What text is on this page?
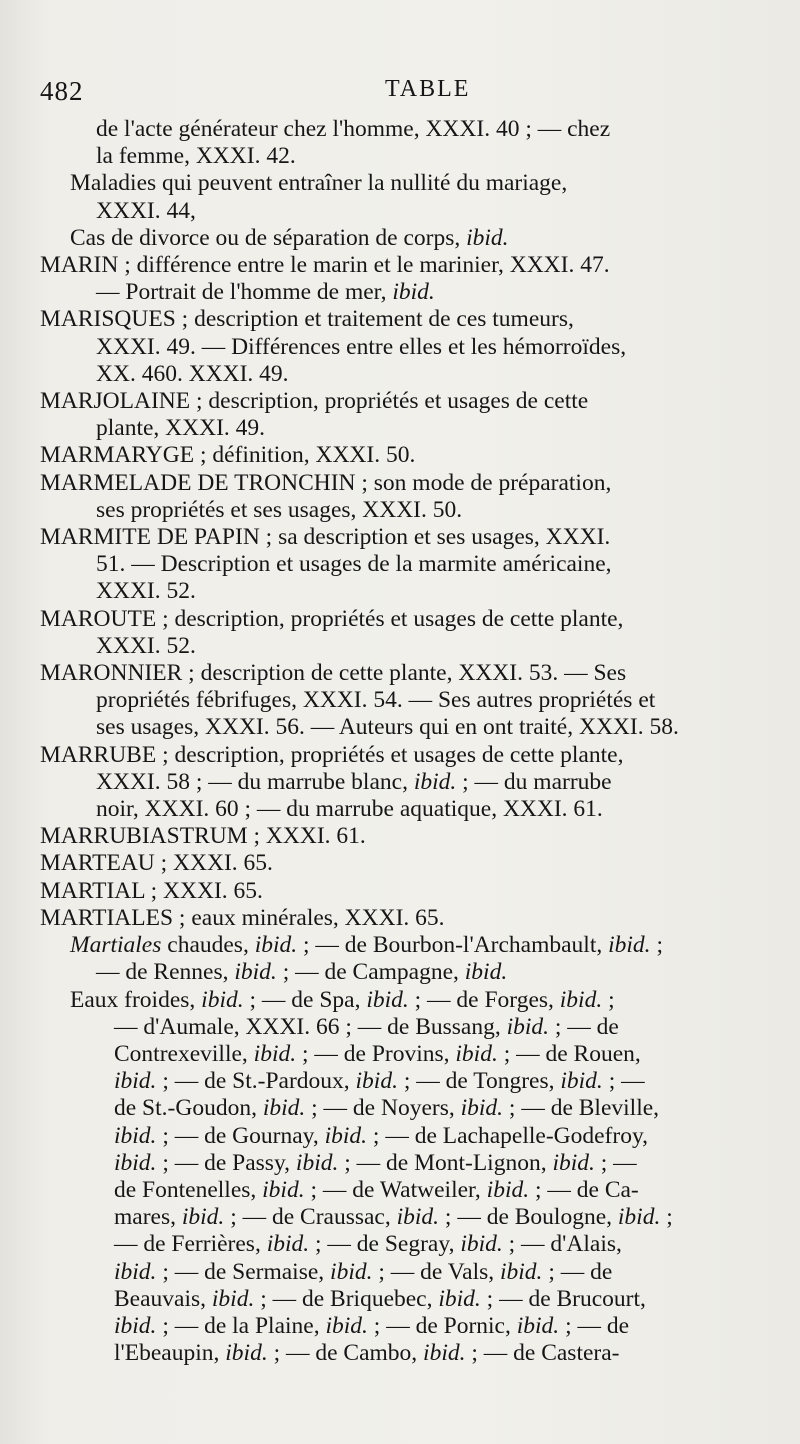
482	TABLE
de l'acte générateur chez l'homme, XXXI. 40 ; — chez
la femme, XXXI. 42.
Maladies qui peuvent entraîner la nullité du mariage,
XXXI. 44,
Cas de divorce ou de séparation de corps, ibid.
MARIN ; différence entre le marin et le marinier, XXXI. 47.
— Portrait de l'homme de mer, ibid.
MARISQUES ; description et traitement de ces tumeurs,
XXXI. 49. — Différences entre elles et les hémorroïdes,
XX. 460. XXXI. 49.
MARJOLAINE ; description, propriétés et usages de cette
plante, XXXI. 49.
MARMARYGE ; définition, XXXI. 50.
MARMELADE DE TRONCHIN ; son mode de préparation,
ses propriétés et ses usages, XXXI. 50.
MARMITE DE PAPIN ; sa description et ses usages, XXXI.
51. — Description et usages de la marmite américaine,
XXXI. 52.
MAROUTE ; description, propriétés et usages de cette plante,
XXXI. 52.
MARONNIER ; description de cette plante, XXXI. 53. — Ses
propriétés fébrifuges, XXXI. 54. — Ses autres propriétés et
ses usages, XXXI. 56. — Auteurs qui en ont traité, XXXI. 58.
MARRUBE ; description, propriétés et usages de cette plante,
XXXI. 58 ; — du marrube blanc, ibid. ; — du marrube
noir, XXXI. 60 ; — du marrube aquatique, XXXI. 61.
MARRUBIASTRUM ; XXXI. 61.
MARTEAU ; XXXI. 65.
MARTIAL ; XXXI. 65.
MARTIALES ; eaux minérales, XXXI. 65.
Martiales chaudes, ibid. ; — de Bourbon-l'Archambault, ibid. ;
— de Rennes, ibid. ; — de Campagne, ibid.
Eaux froides, ibid. ; — de Spa, ibid. ; — de Forges, ibid. ;
— d'Aumale, XXXI. 66 ; — de Bussang, ibid. ; — de
Contrexeville, ibid. ; — de Provins, ibid. ; — de Rouen,
ibid. ; — de St.-Pardoux, ibid. ; — de Tongres, ibid. ; —
de St.-Goudon, ibid. ; — de Noyers, ibid. ; — de Bleville,
ibid. ; — de Gournay, ibid. ; — de Lachapelle-Godefroy,
ibid. ; — de Passy, ibid. ; — de Mont-Lignon, ibid. ; —
de Fontenelles, ibid. ; — de Watweiler, ibid. ; — de Ca-
mares, ibid. ; — de Craussac, ibid. ; — de Boulogne, ibid. ;
— de Ferrières, ibid. ; — de Segray, ibid. ; — d'Alais,
ibid. ; — de Sermaise, ibid. ; — de Vals, ibid. ; — de
Beauvais, ibid. ; — de Briquebec, ibid. ; — de Brucourt,
ibid. ; — de la Plaine, ibid. ; — de Pornic, ibid. ; — de
l'Ebeaupin, ibid. ; — de Cambo, ibid. ; — de Castera-
